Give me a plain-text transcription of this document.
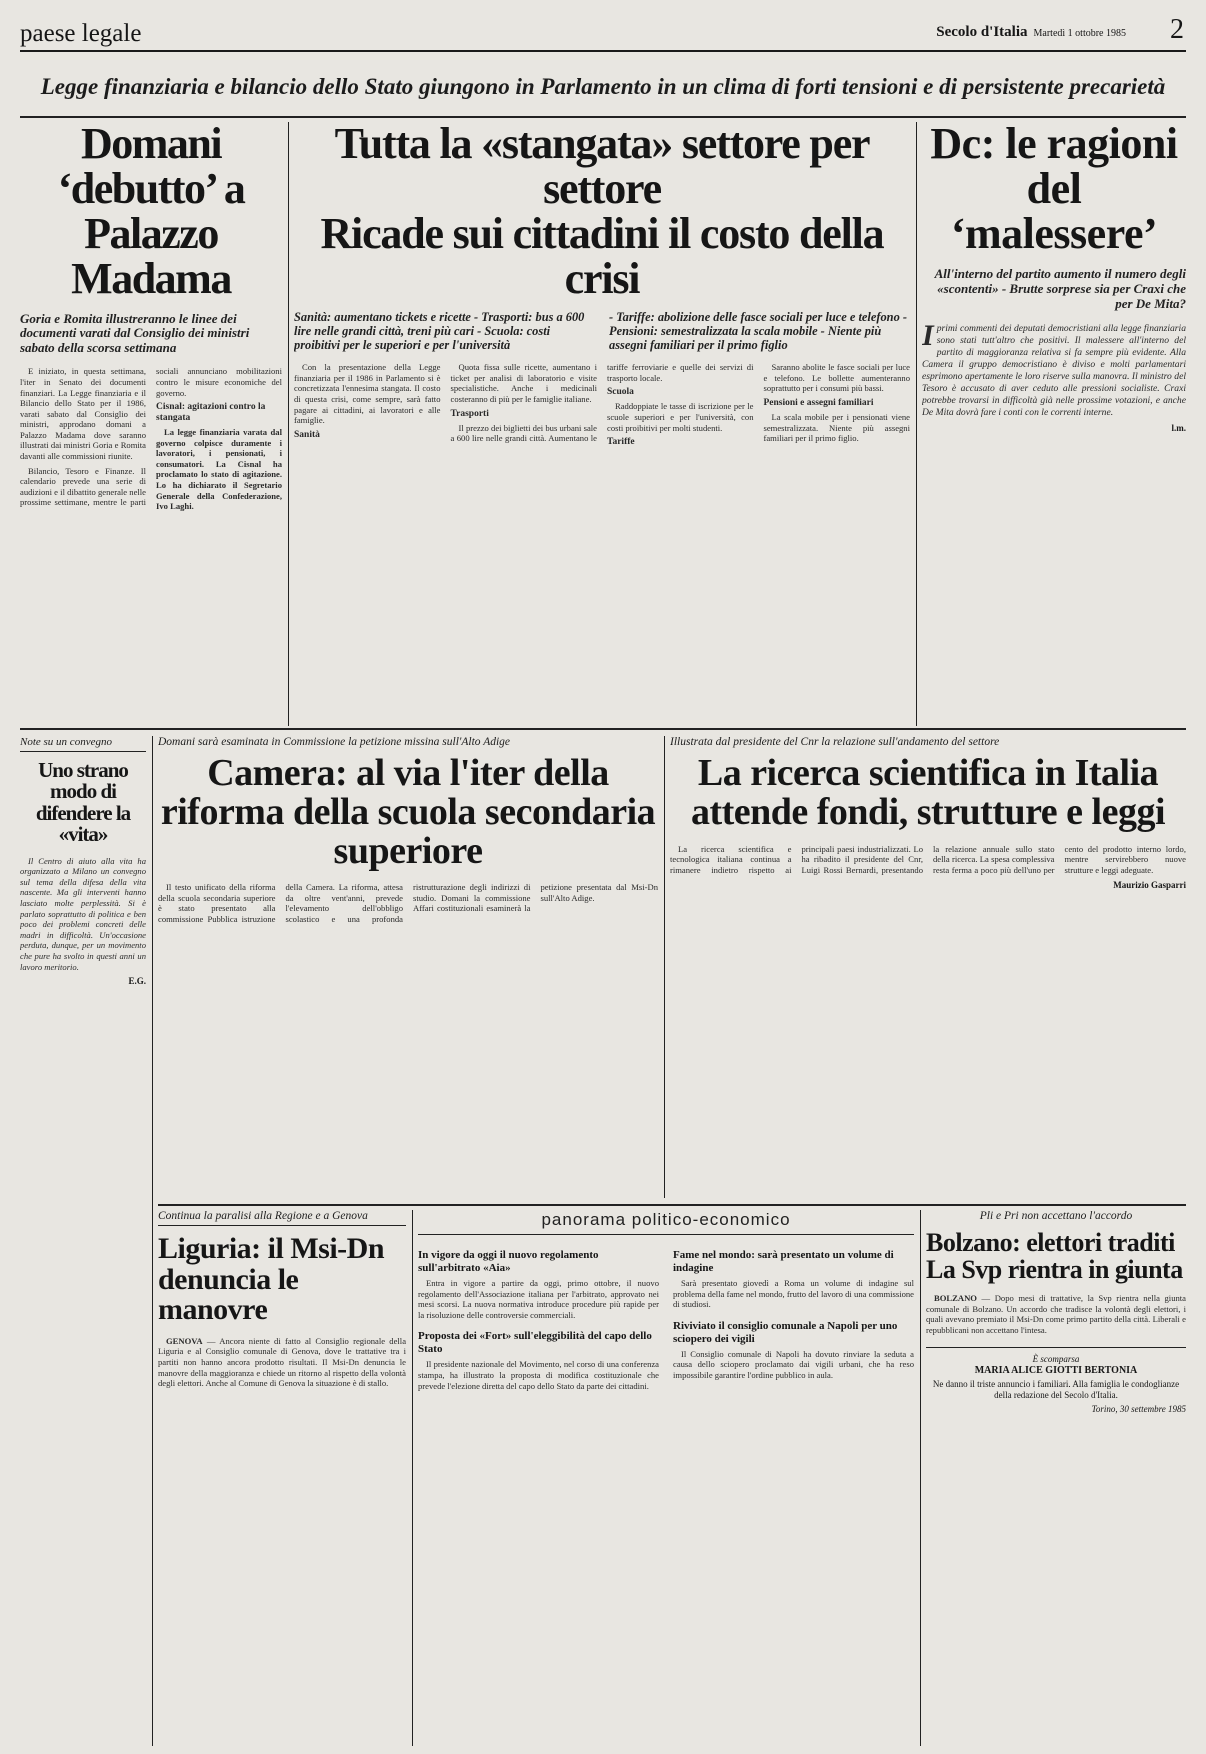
paese legale	Secolo d'Italia Martedì 1 ottobre 1985 2
Legge finanziaria e bilancio dello Stato giungono in Parlamento in un clima di forti tensioni e di persistente precarietà
Domani ‘debutto’ a Palazzo Madama
Goria e Romita illustreranno le linee dei documenti varati dal Consiglio dei ministri sabato della scorsa settimana

E iniziato, in questa settimana, l'iter in Senato dei documenti finanziari. La Legge finanziaria e il Bilancio dello Stato per il 1986, varati sabato dal Consiglio dei ministri, approdano domani a Palazzo Madama dove saranno illustrati dai ministri Goria e Romita davanti alle commissioni riunite.

Bilancio, Tesoro e Finanze. Il calendario prevede una serie di audizioni e il dibattito generale nelle prossime settimane, mentre le parti sociali annunciano mobilitazioni contro le misure economiche del governo.

Cisnal: agitazioni contro la stangata

La legge finanziaria varata dal governo colpisce duramente i lavoratori, i pensionati, i consumatori. La Cisnal ha proclamato lo stato di agitazione. Lo ha dichiarato il Segretario Generale della Confederazione, Ivo Laghi.

Tutta la «stangata» settore per settore
Ricade sui cittadini il costo della crisi
Sanità: aumentano tickets e ricette - Trasporti: bus a 600 lire nelle grandi città, treni più cari - Scuola: costi proibitivi per le superiori e per l'università
- Tariffe: abolizione delle fasce sociali per luce e telefono - Pensioni: semestralizzata la scala mobile - Niente più assegni familiari per il primo figlio

Con la presentazione della Legge finanziaria per il 1986 in Parlamento si è concretizzata l'ennesima stangata. Il costo di questa crisi, come sempre, sarà fatto pagare ai cittadini, ai lavoratori e alle famiglie.

Sanità

Quota fissa sulle ricette, aumentano i ticket per analisi di laboratorio e visite specialistiche. Anche i medicinali costeranno di più per le famiglie italiane.

Trasporti

Il prezzo dei biglietti dei bus urbani sale a 600 lire nelle grandi città. Aumentano le tariffe ferroviarie e quelle dei servizi di trasporto locale.

Scuola

Raddoppiate le tasse di iscrizione per le scuole superiori e per l'università, con costi proibitivi per molti studenti.

Tariffe

Saranno abolite le fasce sociali per luce e telefono. Le bollette aumenteranno soprattutto per i consumi più bassi.

Pensioni e assegni familiari

La scala mobile per i pensionati viene semestralizzata. Niente più assegni familiari per il primo figlio.

Dc: le ragioni del ‘malessere’
All'interno del partito aumento il numero degli «scontenti» - Brutte sorprese sia per Craxi che per De Mita?

Iprimi commenti dei deputati democristiani alla legge finanziaria sono stati tutt'altro che positivi. Il malessere all'interno del partito di maggioranza relativa si fa sempre più evidente. Alla Camera il gruppo democristiano è diviso e molti parlamentari esprimono apertamente le loro riserve sulla manovra. Il ministro del Tesoro è accusato di aver ceduto alle pressioni socialiste. Craxi potrebbe trovarsi in difficoltà già nelle prossime votazioni, e anche De Mita dovrà fare i conti con le correnti interne.

l.m.
Note su un convegno
Uno strano modo di difendere la «vita»

Il Centro di aiuto alla vita ha organizzato a Milano un convegno sul tema della difesa della vita nascente. Ma gli interventi hanno lasciato molte perplessità. Si è parlato soprattutto di politica e ben poco dei problemi concreti delle madri in difficoltà. Un'occasione perduta, dunque, per un movimento che pure ha svolto in questi anni un lavoro meritorio.

E.G.
Domani sarà esaminata in Commissione la petizione missina sull'Alto Adige
Camera: al via l'iter della riforma della scuola secondaria superiore

Il testo unificato della riforma della scuola secondaria superiore è stato presentato alla commissione Pubblica istruzione della Camera. La riforma, attesa da oltre vent'anni, prevede l'elevamento dell'obbligo scolastico e una profonda ristrutturazione degli indirizzi di studio. Domani la commissione Affari costituzionali esaminerà la petizione presentata dal Msi-Dn sull'Alto Adige.

Illustrata dal presidente del Cnr la relazione sull'andamento del settore
La ricerca scientifica in Italia attende fondi, strutture e leggi

La ricerca scientifica e tecnologica italiana continua a rimanere indietro rispetto ai principali paesi industrializzati. Lo ha ribadito il presidente del Cnr, Luigi Rossi Bernardi, presentando la relazione annuale sullo stato della ricerca. La spesa complessiva resta ferma a poco più dell'uno per cento del prodotto interno lordo, mentre servirebbero nuove strutture e leggi adeguate.

Maurizio Gasparri
Continua la paralisi alla Regione e a Genova
Liguria: il Msi-Dn denuncia le manovre

GENOVA — Ancora niente di fatto al Consiglio regionale della Liguria e al Consiglio comunale di Genova, dove le trattative tra i partiti non hanno ancora prodotto risultati. Il Msi-Dn denuncia le manovre della maggioranza e chiede un ritorno al rispetto della volontà degli elettori. Anche al Comune di Genova la situazione è di stallo.

panorama politico-economico
In vigore da oggi il nuovo regolamento sull'arbitrato «Aia»

Entra in vigore a partire da oggi, primo ottobre, il nuovo regolamento dell'Associazione italiana per l'arbitrato, approvato nei mesi scorsi. La nuova normativa introduce procedure più rapide per la risoluzione delle controversie commerciali.

Proposta dei «Fort» sull'eleggibilità del capo dello Stato

Il presidente nazionale del Movimento, nel corso di una conferenza stampa, ha illustrato la proposta di modifica costituzionale che prevede l'elezione diretta del capo dello Stato da parte dei cittadini.

Fame nel mondo: sarà presentato un volume di indagine

Sarà presentato giovedì a Roma un volume di indagine sul problema della fame nel mondo, frutto del lavoro di una commissione di studiosi.

Riviviato il consiglio comunale a Napoli per uno sciopero dei vigili

Il Consiglio comunale di Napoli ha dovuto rinviare la seduta a causa dello sciopero proclamato dai vigili urbani, che ha reso impossibile garantire l'ordine pubblico in aula.

Pli e Pri non accettano l'accordo
Bolzano: elettori traditi La Svp rientra in giunta

BOLZANO — Dopo mesi di trattative, la Svp rientra nella giunta comunale di Bolzano. Un accordo che tradisce la volontà degli elettori, i quali avevano premiato il Msi-Dn come primo partito della città. Liberali e repubblicani non accettano l'intesa.

È scomparsa
MARIA ALICE GIOTTI BERTONIA
Ne danno il triste annuncio i familiari. Alla famiglia le condoglianze della redazione del Secolo d'Italia.
Torino, 30 settembre 1985
